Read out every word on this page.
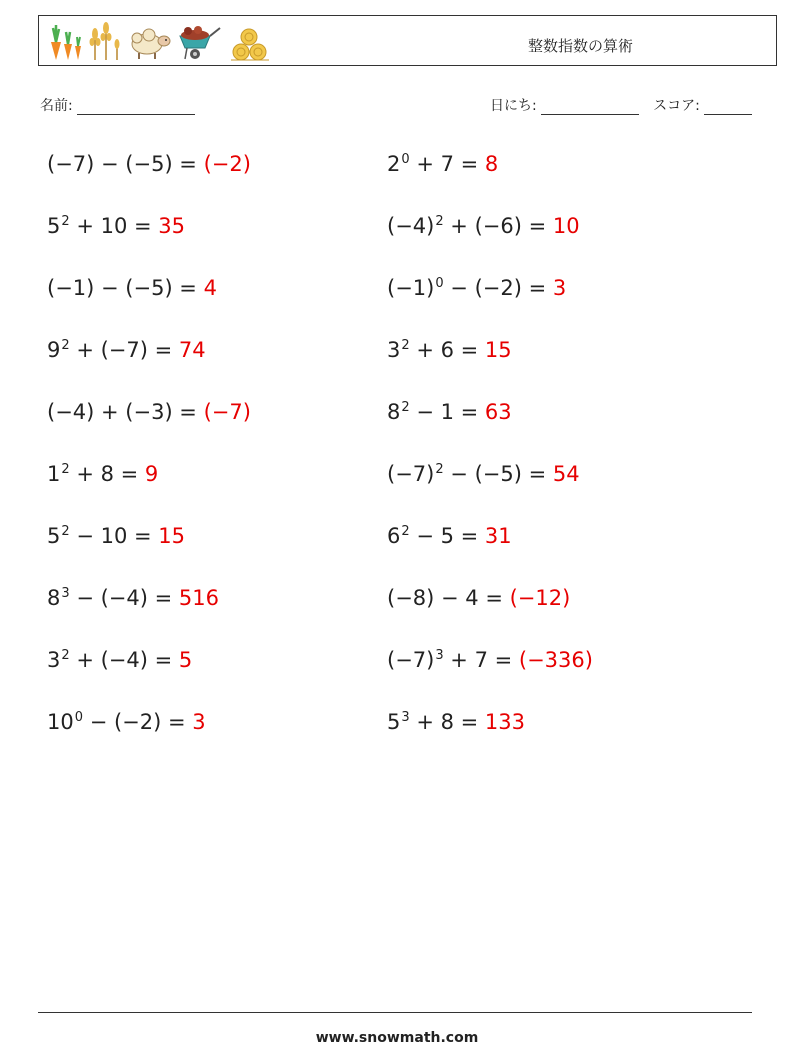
整数指数の算術
名前:	日にち:	スコア:
(−7) − (−5) = (−2)	$2^0 + 7 = 8$
$5^2 + 10 = 35$	$(-4)^2 + (-6) = 10$
(−1) − (−5) = 4	$(-1)^0 - (-2) = 3$
$9^2 + (-7) = 74$	$3^2 + 6 = 15$
(−4) + (−3) = (−7)	$8^2 - 1 = 63$
$1^2 + 8 = 9$	$(-7)^2 - (-5) = 54$
$5^2 - 10 = 15$	$6^2 - 5 = 31$
$8^3 - (-4) = 516$	(−8) − 4 = (−12)
$3^2 + (-4) = 5$	$(-7)^3 + 7 = (-336)$
$10^0 - (-2) = 3$	$5^3 + 8 = 133$
www.snowmath.com
